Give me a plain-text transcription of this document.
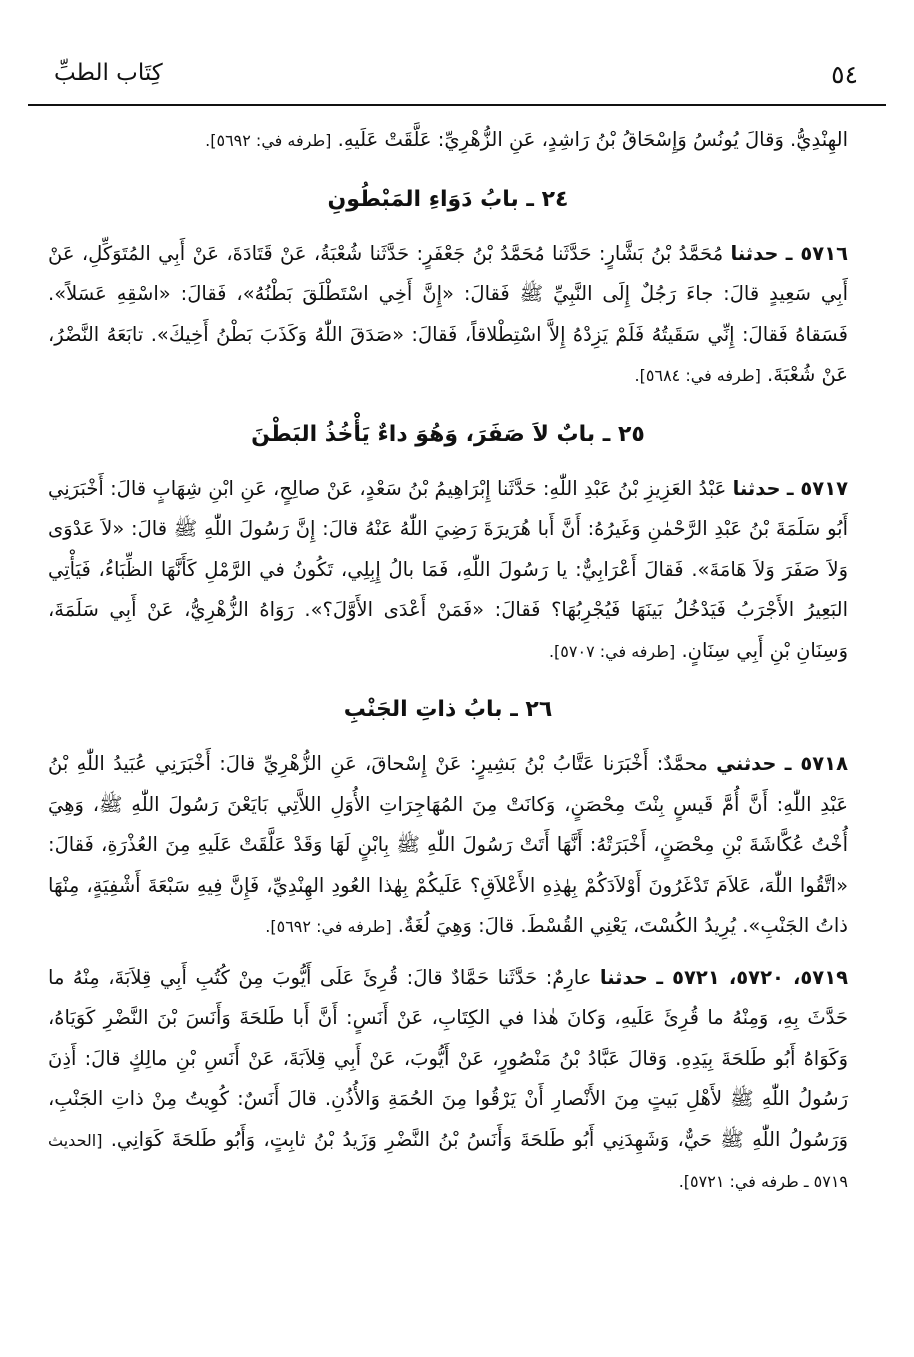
٥٤
كِتَاب الطبِّ

الهِنْدِيُّ. وَقالَ يُونُسُ وَإِسْحَاقُ بْنُ رَاشِدٍ، عَنِ الزُّهْرِيِّ: عَلَّقَتْ عَلَيهِ. [طرفه في: ٥٦٩٢].

٢٤ ـ بابُ دَوَاءِ المَبْطُونِ

٥٧١٦ ـ حدثنا مُحَمَّدُ بْنُ بَشَّارٍ: حَدَّثَنا مُحَمَّدُ بْنُ جَعْفَرٍ: حَدَّثَنا شُعْبَةُ، عَنْ قَتَادَةَ، عَنْ أَبِي المُتَوَكِّلِ، عَنْ أَبِي سَعِيدٍ قالَ: جاءَ رَجُلٌ إِلَى النَّبِيِّ ﷺ فَقالَ: «إِنَّ أَخِي اسْتَطْلَقَ بَطْنُهُ»، فَقالَ: «اسْقِهِ عَسَلاً». فَسَقاهُ فَقالَ: إِنِّي سَقَيتُهُ فَلَمْ يَزِدْهُ إِلاَّ اسْتِطْلاقاً، فَقالَ: «صَدَقَ اللّٰهُ وَكَذَبَ بَطْنُ أَخِيكَ». تابَعَهُ النَّضْرُ، عَنْ شُعْبَةَ. [طرفه في: ٥٦٨٤].

٢٥ ـ بابٌ لاَ صَفَرَ، وَهُوَ داءٌ يَأْخُذُ البَطْنَ

٥٧١٧ ـ حدثنا عَبْدُ العَزِيزِ بْنُ عَبْدِ اللّٰهِ: حَدَّثَنا إِبْرَاهِيمُ بْنُ سَعْدٍ، عَنْ صالِحٍ، عَنِ ابْنِ شِهَابٍ قالَ: أَخْبَرَنِي أَبُو سَلَمَةَ بْنُ عَبْدِ الرَّحْمٰنِ وَغَيرُهُ: أَنَّ أَبا هُرَيرَةَ رَضِيَ اللّٰهُ عَنْهُ قالَ: إِنَّ رَسُولَ اللّٰهِ ﷺ قالَ: «لاَ عَدْوَى وَلاَ صَفَرَ وَلاَ هَامَةَ». فَقالَ أَعْرَابِيٌّ: يا رَسُولَ اللّٰهِ، فَمَا بالُ إِبِلِي، تَكُونُ في الرَّمْلِ كَأَنَّهَا الظِّبَاءُ، فَيَأْتِي البَعِيرُ الأَجْرَبُ فَيَدْخُلُ بَينَهَا فَيُجْرِبُهَا؟ فَقالَ: «فَمَنْ أَعْدَى الأَوَّلَ؟». رَوَاهُ الزُّهْرِيُّ، عَنْ أَبِي سَلَمَةَ، وَسِنَانِ بْنِ أَبِي سِنَانٍ. [طرفه في: ٥٧٠٧].

٢٦ ـ بابُ ذاتِ الجَنْبِ

٥٧١٨ ـ حدثني محمَّدٌ: أَخْبَرَنا عَتَّابُ بْنُ بَشِيرٍ: عَنْ إِسْحاقَ، عَنِ الزُّهْرِيِّ قالَ: أَخْبَرَنِي عُبَيدُ اللّٰهِ بْنُ عَبْدِ اللّٰهِ: أَنَّ أُمَّ قَيسٍ بِنْتَ مِحْصَنٍ، وَكانَتْ مِنَ المُهَاجِرَاتِ الأُوَلِ اللاَّتِي بَايَعْنَ رَسُولَ اللّٰهِ ﷺ، وَهِيَ أُخْتُ عُكَّاشَةَ بْنِ مِحْصَنٍ، أَخْبَرَتْهُ: أَنَّهَا أَتَتْ رَسُولَ اللّٰهِ ﷺ بِابْنٍ لَهَا وَقَدْ عَلَّقَتْ عَلَيهِ مِنَ العُذْرَةِ، فَقالَ: «اتَّقُوا اللّٰهَ، عَلاَمَ تَدْغَرُونَ أَوْلاَدَكُمْ بِهٰذِهِ الأَعْلاَقِ؟ عَلَيكُمْ بِهٰذا العُودِ الهِنْدِيِّ، فَإِنَّ فِيهِ سَبْعَةَ أَشْفِيَةٍ، مِنْهَا ذاتُ الجَنْبِ». يُرِيدُ الكُسْتَ، يَعْنِي القُسْطَ. قالَ: وَهِيَ لُغَةٌ. [طرفه في: ٥٦٩٢].

٥٧١٩، ٥٧٢٠، ٥٧٢١ ـ حدثنا عارِمٌ: حَدَّثَنا حَمَّادٌ قالَ: قُرِئَ عَلَى أَيُّوبَ مِنْ كُتُبِ أَبِي قِلاَبَةَ، مِنْهُ ما حَدَّثَ بِهِ، وَمِنْهُ ما قُرِئَ عَلَيهِ، وَكانَ هٰذا في الكِتَابِ، عَنْ أَنَسٍ: أَنَّ أَبا طَلحَةَ وَأَنَسَ بْنَ النَّضْرِ كَوَيَاهُ، وَكَوَاهُ أَبُو طَلحَةَ بِيَدِهِ. وَقالَ عَبَّادُ بْنُ مَنْصُورٍ، عَنْ أَيُّوبَ، عَنْ أَبِي قِلاَبَةَ، عَنْ أَنَسِ بْنِ مالِكٍ قالَ: أَذِنَ رَسُولُ اللّٰهِ ﷺ لأَهْلِ بَيتٍ مِنَ الأَنْصارِ أَنْ يَرْقُوا مِنَ الحُمَةِ وَالأُذُنِ. قالَ أَنَسٌ: كُوِيتُ مِنْ ذاتِ الجَنْبِ، وَرَسُولُ اللّٰهِ ﷺ حَيٌّ، وَشَهِدَنِي أَبُو طَلحَةَ وَأَنَسُ بْنُ النَّضْرِ وَزَيدُ بْنُ ثابِتٍ، وَأَبُو طَلحَةَ كَوَانِي. [الحديث ٥٧١٩ ـ طرفه في: ٥٧٢١].
